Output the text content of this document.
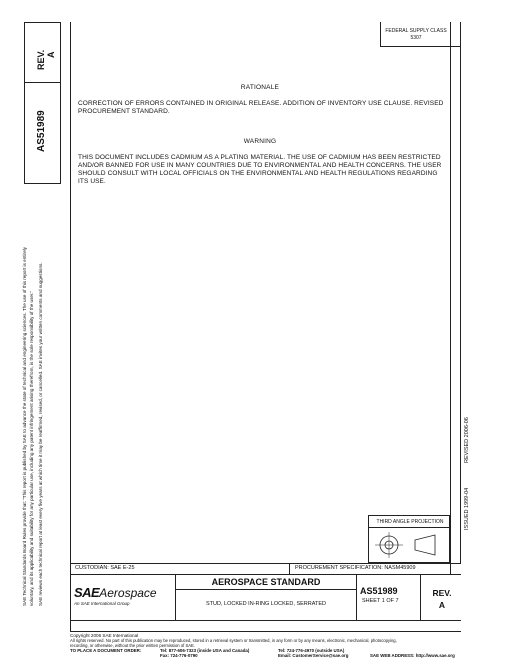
SAE Technical Standards Board Rules provide that: "This report is published by SAE to advance the state of technical and engineering sciences. The use of this report is entirely voluntary, and its applicability and suitability for any particular use, including any patent infringement arising therefrom, is the sole responsibility of the user." SAE reviews each technical report at least every five years at which time it may be reaffirmed, revised, or cancelled. SAE invites your written comments and suggestions.
REV. A
AS51989
FEDERAL SUPPLY CLASS
5307
RATIONALE
CORRECTION OF ERRORS CONTAINED IN ORIGINAL RELEASE. ADDITION OF INVENTORY USE CLAUSE. REVISED PROCUREMENT STANDARD.
WARNING
THIS DOCUMENT INCLUDES CADMIUM AS A PLATING MATERIAL. THE USE OF CADMIUM HAS BEEN RESTRICTED AND/OR BANNED FOR USE IN MANY COUNTRIES DUE TO ENVIRONMENTAL AND HEALTH CONCERNS. THE USER SHOULD CONSULT WITH LOCAL OFFICIALS ON THE ENVIRONMENTAL AND HEALTH REGULATIONS REGARDING ITS USE.
ISSUED 1999-04
REVISED 2006-06
THIRD ANGLE PROJECTION
CUSTODIAN: SAE E-25	PROCUREMENT SPECIFICATION: NASM45909
SAEAerospace
An SAE International Group
AEROSPACE STANDARD
STUD, LOCKED IN-RING LOCKED, SERRATED
AS51989
SHEET 1 OF 7
REV.
A
Copyright 2006 SAE International
All rights reserved. No part of this publication may be reproduced, stored in a retrieval system or transmitted, in any form or by any means, electronic, mechanical, photocopying,
recording, or otherwise, without the prior written permission of SAE.
TO PLACE A DOCUMENT ORDER:	Tel: 877-606-7323 (inside USA and Canada)	Tel: 724-776-4970 (outside USA)
Fax: 724-776-0790	Email: CustomerService@sae.org	SAE WEB ADDRESS: http://www.sae.org
